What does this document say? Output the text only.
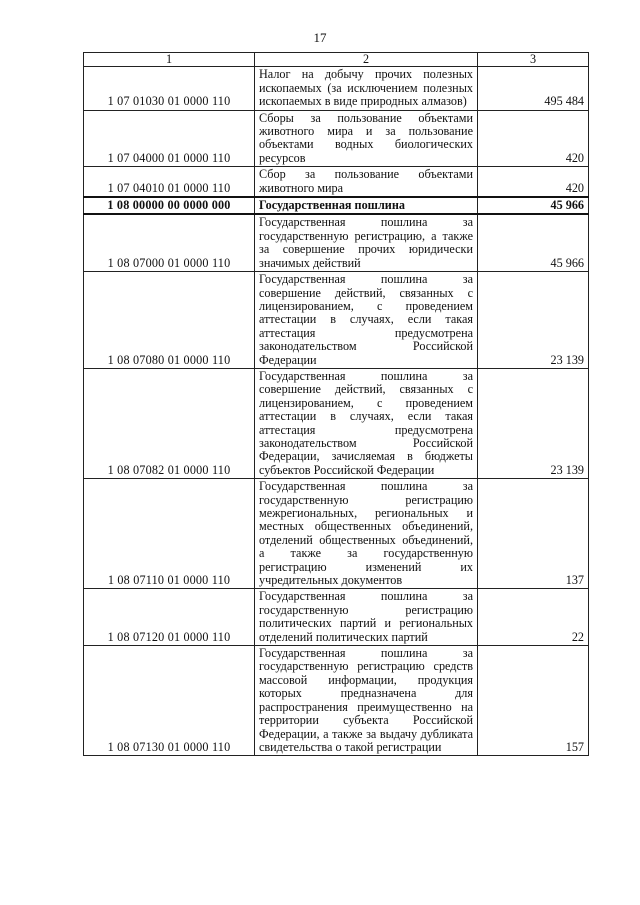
17
1	2	3
1 07 01030 01 0000 110	Налог на добычу прочих полезных ископаемых (за исключением полезных ископаемых в виде природных алмазов)	495 484
1 07 04000 01 0000 110	Сборы за пользование объектами животного мира и за пользование объектами водных биологических ресурсов	420
1 07 04010 01 0000 110	Сбор за пользование объектами животного мира	420
1 08 00000 00 0000 000	Государственная пошлина	45 966
1 08 07000 01 0000 110	Государственная пошлина за государственную регистрацию, а также за совершение прочих юридически значимых действий	45 966
1 08 07080 01 0000 110	Государственная пошлина за совершение действий, связанных с лицензированием, с проведением аттестации в случаях, если такая аттестация предусмотрена законодательством Российской Федерации	23 139
1 08 07082 01 0000 110	Государственная пошлина за совершение действий, связанных с лицензированием, с проведением аттестации в случаях, если такая аттестация предусмотрена законодательством Российской Федерации, зачисляемая в бюджеты субъектов Российской Федерации	23 139
1 08 07110 01 0000 110	Государственная пошлина за государственную регистрацию межрегиональных, региональных и местных общественных объединений, отделений общественных объединений, а также за государственную регистрацию изменений их учредительных документов	137
1 08 07120 01 0000 110	Государственная пошлина за государственную регистрацию политических партий и региональных отделений политических партий	22
1 08 07130 01 0000 110	Государственная пошлина за государственную регистрацию средств массовой информации, продукция которых предназначена для распространения преимущественно на территории субъекта Российской Федерации, а также за выдачу дубликата свидетельства о такой регистрации	157
